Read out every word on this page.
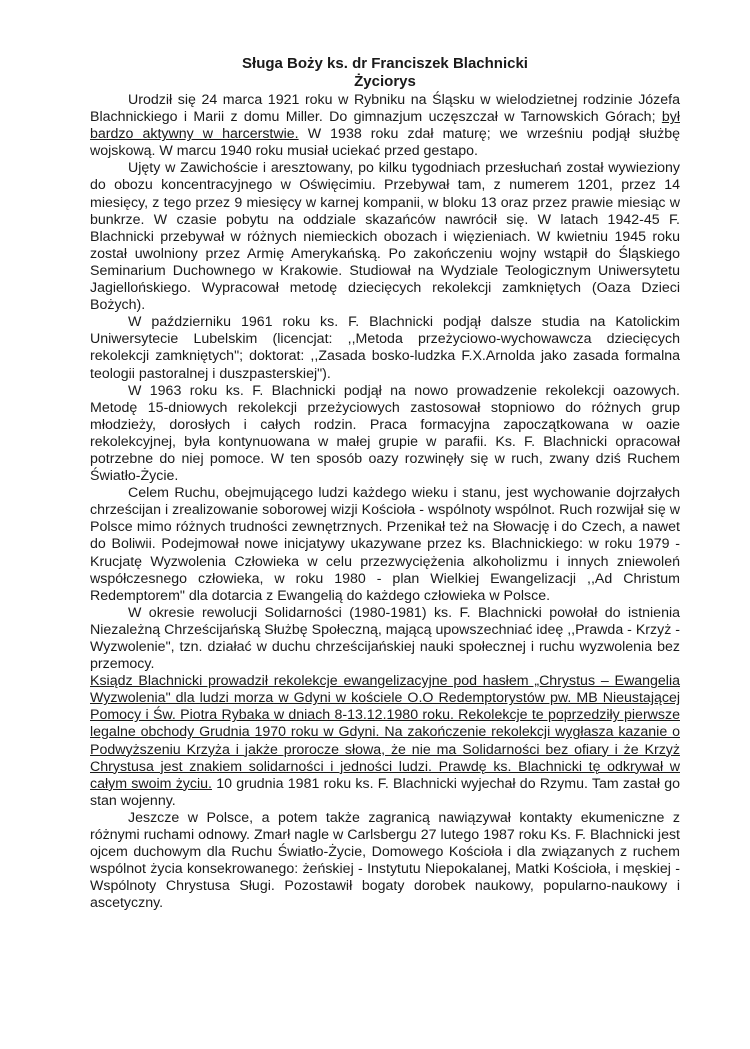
Sługa Boży ks. dr Franciszek Blachnicki

Życiorys

Urodził się 24 marca 1921 roku w Rybniku na Śląsku w wielodzietnej rodzinie Józefa Blachnickiego i Marii z domu Miller. Do gimnazjum uczęszczał w Tarnowskich Górach; był bardzo aktywny w harcerstwie. W 1938 roku zdał maturę; we wrześniu podjął służbę wojskową. W marcu 1940 roku musiał uciekać przed gestapo.

Ujęty w Zawichoście i aresztowany, po kilku tygodniach przesłuchań został wywieziony do obozu koncentracyjnego w Oświęcimiu. Przebywał tam, z numerem 1201, przez 14 miesięcy, z tego przez 9 miesięcy w karnej kompanii, w bloku 13 oraz przez prawie miesiąc w bunkrze. W czasie pobytu na oddziale skazańców nawrócił się. W latach 1942-45 F. Blachnicki przebywał w różnych niemieckich obozach i więzieniach. W kwietniu 1945 roku został uwolniony przez Armię Amerykańską. Po zakończeniu wojny wstąpił do Śląskiego Seminarium Duchownego w Krakowie. Studiował na Wydziale Teologicznym Uniwersytetu Jagiellońskiego. Wypracował metodę dziecięcych rekolekcji zamkniętych (Oaza Dzieci Bożych).

W październiku 1961 roku ks. F. Blachnicki podjął dalsze studia na Katolickim Uniwersytecie Lubelskim (licencjat: ,,Metoda przeżyciowo-wychowawcza dziecięcych rekolekcji zamkniętych"; doktorat: ,,Zasada bosko-ludzka F.X.Arnolda jako zasada formalna teologii pastoralnej i duszpasterskiej").

W 1963 roku ks. F. Blachnicki podjął na nowo prowadzenie rekolekcji oazowych. Metodę 15-dniowych rekolekcji przeżyciowych zastosował stopniowo do różnych grup młodzieży, dorosłych i całych rodzin. Praca formacyjna zapoczątkowana w oazie rekolekcyjnej, była kontynuowana w małej grupie w parafii. Ks. F. Blachnicki opracował potrzebne do niej pomoce. W ten sposób oazy rozwinęły się w ruch, zwany dziś Ruchem Światło-Życie.

Celem Ruchu, obejmującego ludzi każdego wieku i stanu, jest wychowanie dojrzałych chrześcijan i zrealizowanie soborowej wizji Kościoła - wspólnoty wspólnot. Ruch rozwijał się w Polsce mimo różnych trudności zewnętrznych. Przenikał też na Słowację i do Czech, a nawet do Boliwii. Podejmował nowe inicjatywy ukazywane przez ks. Blachnickiego: w roku 1979 - Krucjatę Wyzwolenia Człowieka w celu przezwyciężenia alkoholizmu i innych zniewoleń współczesnego człowieka, w roku 1980 - plan Wielkiej Ewangelizacji ,,Ad Christum Redemptorem" dla dotarcia z Ewangelią do każdego człowieka w Polsce.

W okresie rewolucji Solidarności (1980-1981) ks. F. Blachnicki powołał do istnienia Niezależną Chrześcijańską Służbę Społeczną, mającą upowszechniać ideę ,,Prawda - Krzyż - Wyzwolenie", tzn. działać w duchu chrześcijańskiej nauki społecznej i ruchu wyzwolenia bez przemocy.

Ksiądz Blachnicki prowadził rekolekcje ewangelizacyjne pod hasłem „Chrystus – Ewangelia Wyzwolenia" dla ludzi morza w Gdyni w kościele O.O Redemptorystów pw. MB Nieustającej Pomocy i Św. Piotra Rybaka w dniach 8-13.12.1980 roku. Rekolekcje te poprzedziły pierwsze legalne obchody Grudnia 1970 roku w Gdyni. Na zakończenie rekolekcji wygłasza kazanie o Podwyższeniu Krzyża i jakże prorocze słowa, że nie ma Solidarności bez ofiary i że Krzyż Chrystusa jest znakiem solidarności i jedności ludzi. Prawdę ks. Blachnicki tę odkrywał w całym swoim życiu. 10 grudnia 1981 roku ks. F. Blachnicki wyjechał do Rzymu. Tam zastał go stan wojenny.

Jeszcze w Polsce, a potem także zagranicą nawiązywał kontakty ekumeniczne z różnymi ruchami odnowy. Zmarł nagle w Carlsbergu 27 lutego 1987 roku Ks. F. Blachnicki jest ojcem duchowym dla Ruchu Światło-Życie, Domowego Kościoła i dla związanych z ruchem wspólnot życia konsekrowanego: żeńskiej - Instytutu Niepokalanej, Matki Kościoła, i męskiej - Wspólnoty Chrystusa Sługi. Pozostawił bogaty dorobek naukowy, popularno-naukowy i ascetyczny.
